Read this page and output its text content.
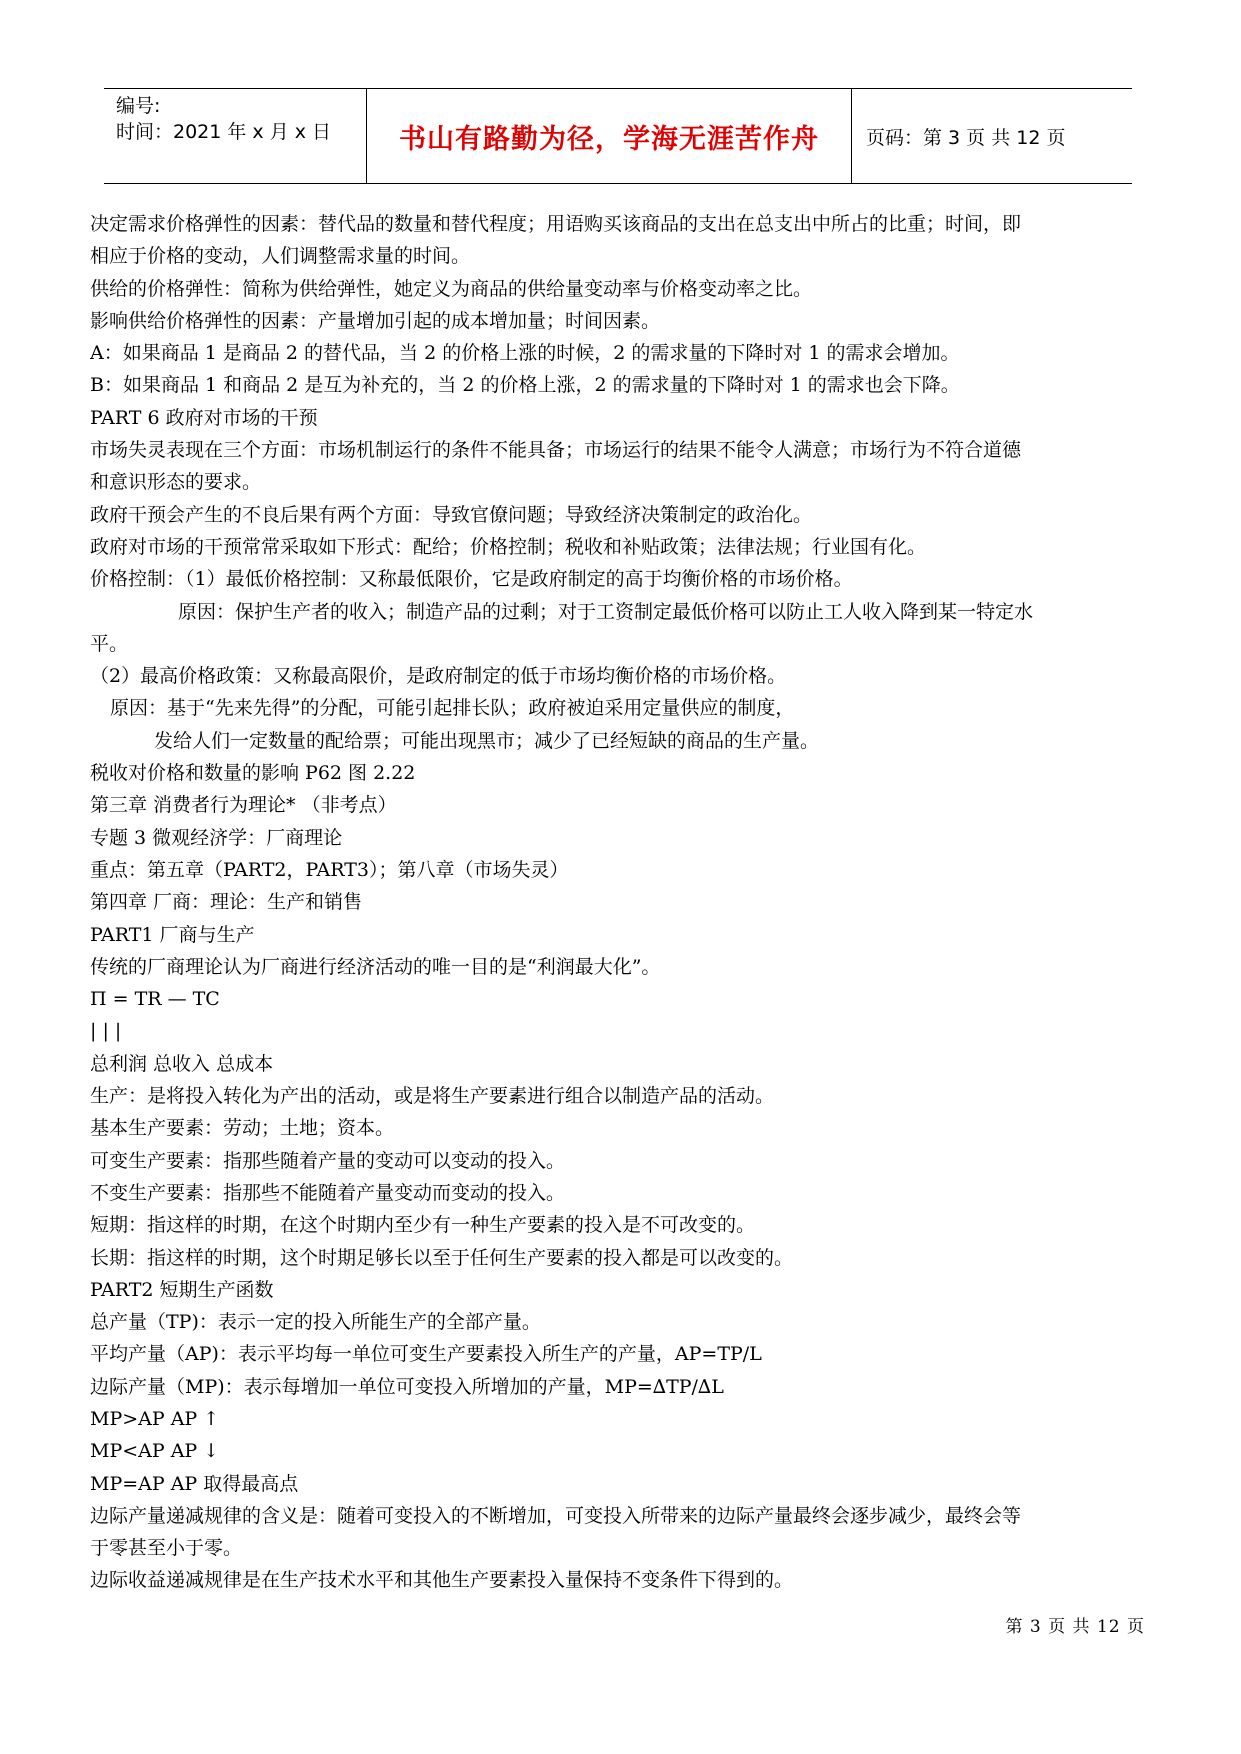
编号:
时间：2021 年 x 月 x 日	书山有路勤为径，学海无涯苦作舟	页码：第 3 页 共 12 页
决定需求价格弹性的因素：替代品的数量和替代程度；用语购买该商品的支出在总支出中所占的比重；时间，即
相应于价格的变动，人们调整需求量的时间。
供给的价格弹性：简称为供给弹性，她定义为商品的供给量变动率与价格变动率之比。
影响供给价格弹性的因素：产量增加引起的成本增加量；时间因素。
A：如果商品 1 是商品 2 的替代品，当 2 的价格上涨的时候，2 的需求量的下降时对 1 的需求会增加。
B：如果商品 1 和商品 2 是互为补充的，当 2 的价格上涨，2 的需求量的下降时对 1 的需求也会下降。
PART 6 政府对市场的干预
市场失灵表现在三个方面：市场机制运行的条件不能具备；市场运行的结果不能令人满意；市场行为不符合道德
和意识形态的要求。
政府干预会产生的不良后果有两个方面：导致官僚问题；导致经济决策制定的政治化。
政府对市场的干预常常采取如下形式：配给；价格控制；税收和补贴政策；法律法规；行业国有化。
价格控制：（1）最低价格控制：又称最低限价，它是政府制定的高于均衡价格的市场价格。
原因：保护生产者的收入；制造产品的过剩；对于工资制定最低价格可以防止工人收入降到某一特定水
平。
（2）最高价格政策：又称最高限价，是政府制定的低于市场均衡价格的市场价格。
原因：基于“先来先得”的分配，可能引起排长队；政府被迫采用定量供应的制度，
发给人们一定数量的配给票；可能出现黑市；减少了已经短缺的商品的生产量。
税收对价格和数量的影响 P62 图 2.22
第三章 消费者行为理论* （非考点）
专题 3 微观经济学：厂商理论
重点：第五章（PART2，PART3）；第八章（市场失灵）
第四章 厂商：理论：生产和销售
PART1 厂商与生产
传统的厂商理论认为厂商进行经济活动的唯一目的是“利润最大化”。
Π = TR — TC
| | |
总利润 总收入 总成本
生产：是将投入转化为产出的活动，或是将生产要素进行组合以制造产品的活动。
基本生产要素：劳动；土地；资本。
可变生产要素：指那些随着产量的变动可以变动的投入。
不变生产要素：指那些不能随着产量变动而变动的投入。
短期：指这样的时期，在这个时期内至少有一种生产要素的投入是不可改变的。
长期：指这样的时期，这个时期足够长以至于任何生产要素的投入都是可以改变的。
PART2 短期生产函数
总产量（TP)：表示一定的投入所能生产的全部产量。
平均产量（AP)：表示平均每一单位可变生产要素投入所生产的产量，AP=TP/L
边际产量（MP)：表示每增加一单位可变投入所增加的产量，MP=∆TP/∆L
MP>AP AP ↑
MP<AP AP ↓
MP=AP AP 取得最高点
边际产量递减规律的含义是：随着可变投入的不断增加，可变投入所带来的边际产量最终会逐步减少，最终会等
于零甚至小于零。
边际收益递减规律是在生产技术水平和其他生产要素投入量保持不变条件下得到的。
第 3 页 共 12 页
